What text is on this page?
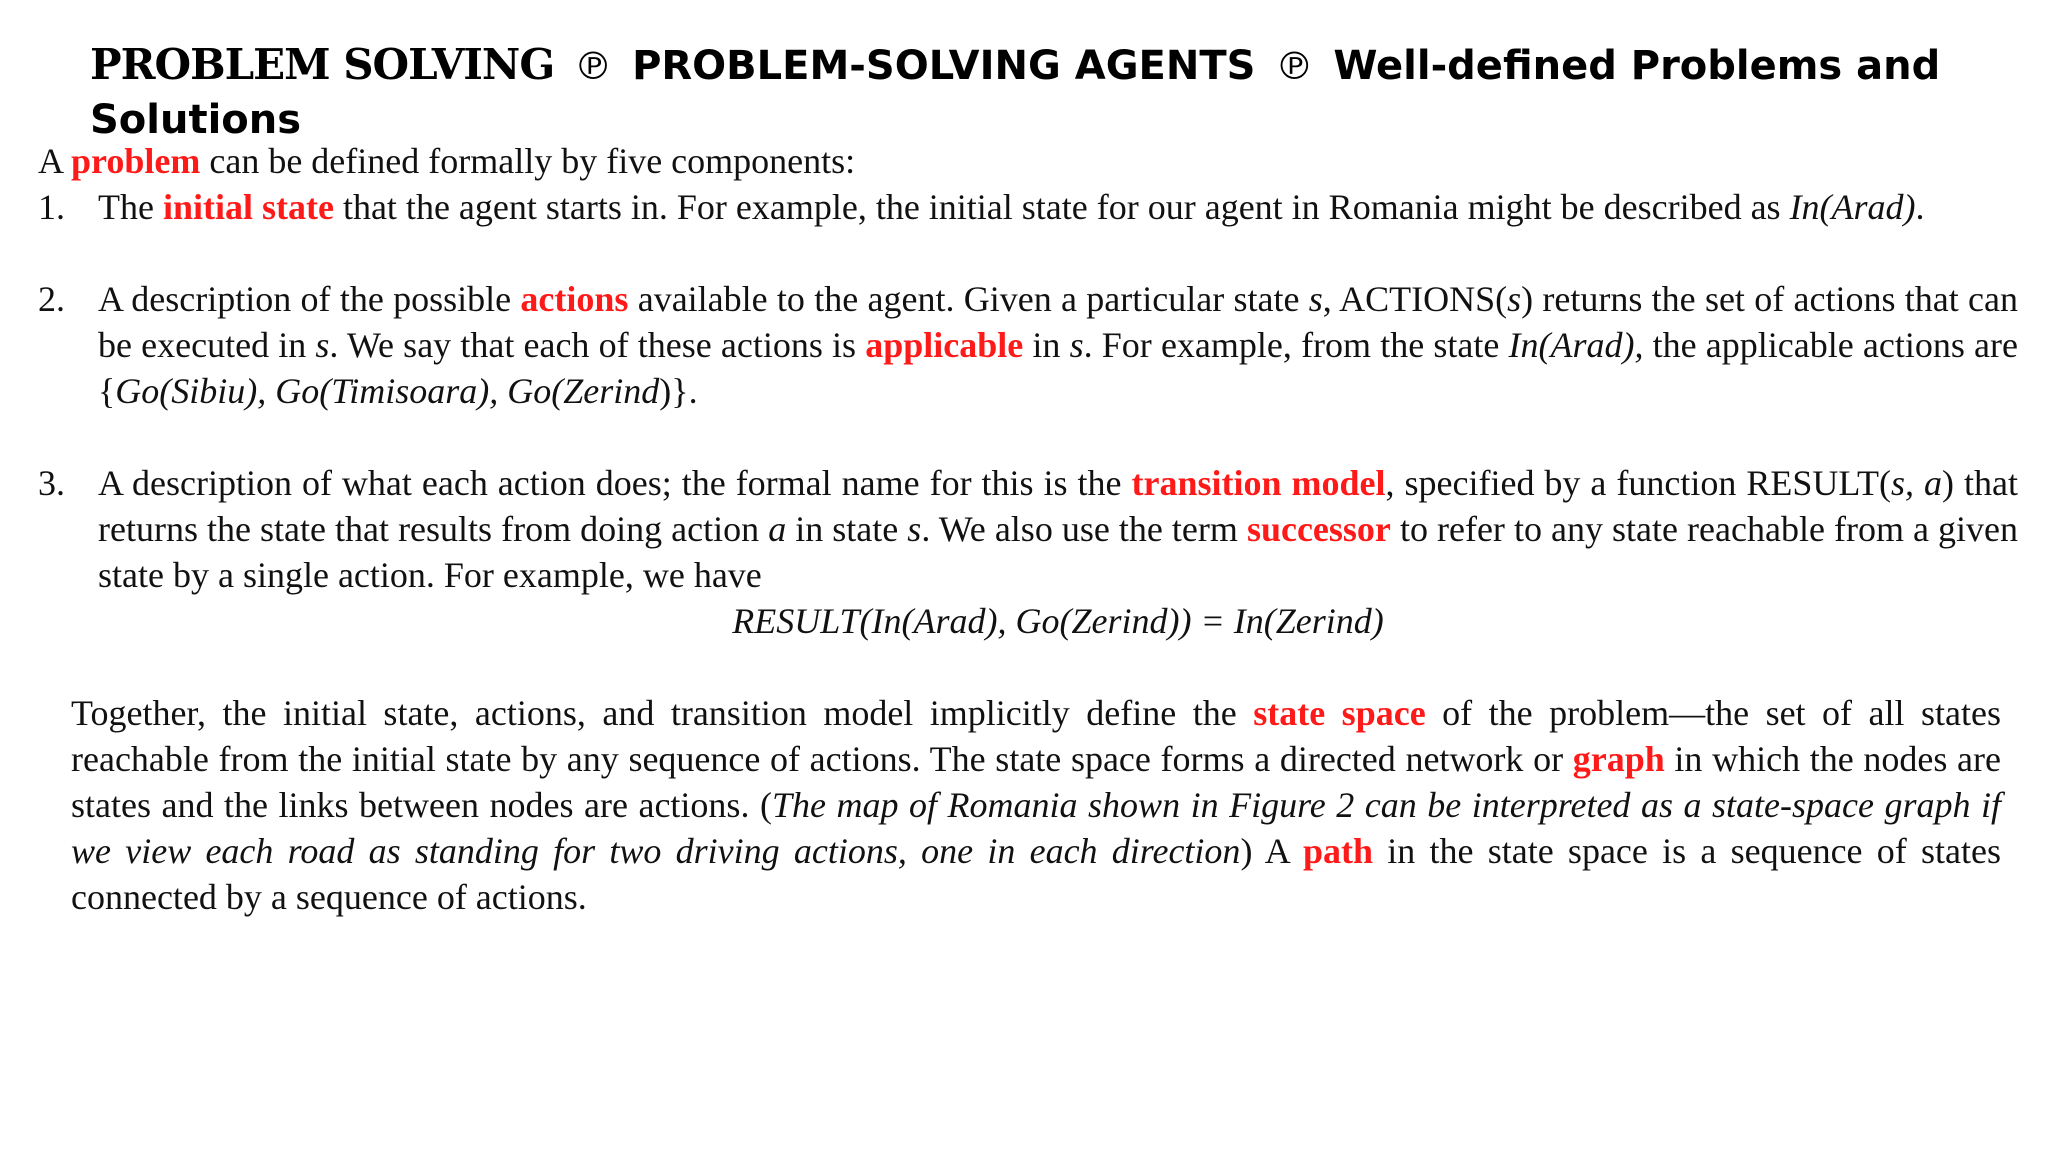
PROBLEM SOLVING ℗ PROBLEM-SOLVING AGENTS ℗ Well-defined Problems and Solutions

A problem can be defined formally by five components:

1. The initial state that the agent starts in. For example, the initial state for our agent in Romania might be described as In(Arad).
2. A description of the possible actions available to the agent. Given a particular state s, ACTIONS(s) returns the set of actions that can be executed in s. We say that each of these actions is applicable in s. For example, from the state In(Arad), the applicable actions are {Go(Sibiu), Go(Timisoara), Go(Zerind)}.
3. A description of what each action does; the formal name for this is the transition model, specified by a function RESULT(s, a) that returns the state that results from doing action a in state s. We also use the term successor to refer to any state reachable from a given state by a single action. For example, we have
RESULT(In(Arad), Go(Zerind)) = In(Zerind)

Together, the initial state, actions, and transition model implicitly define the state space of the problem—the set of all states reachable from the initial state by any sequence of actions. The state space forms a directed network or graph in which the nodes are states and the links between nodes are actions. (The map of Romania shown in Figure 2 can be interpreted as a state-space graph if we view each road as standing for two driving actions, one in each direction) A path in the state space is a sequence of states connected by a sequence of actions.
